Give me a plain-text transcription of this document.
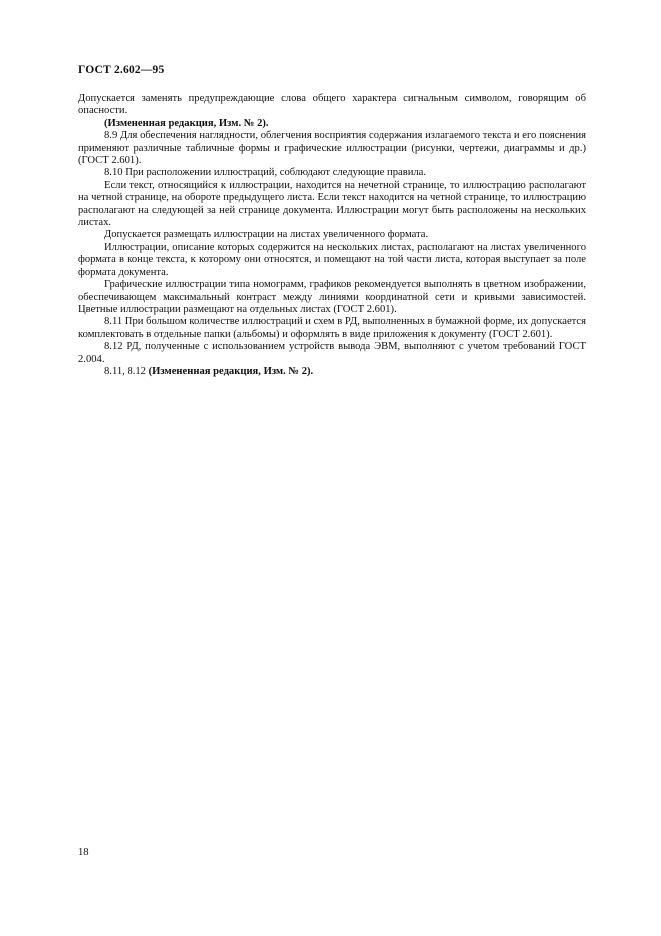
ГОСТ 2.602—95

Допускается заменять предупреждающие слова общего характера сигнальным символом, говорящим об опасности.

(Измененная редакция, Изм. № 2).

8.9 Для обеспечения наглядности, облегчения восприятия содержания излагаемого текста и его пояснения применяют различные табличные формы и графические иллюстрации (рисунки, чертежи, диаграммы и др.) (ГОСТ 2.601).

8.10 При расположении иллюстраций, соблюдают следующие правила.

Если текст, относящийся к иллюстрации, находится на нечетной странице, то иллюстрацию располагают на четной странице, на обороте предыдущего листа. Если текст находится на четной странице, то иллюстрацию располагают на следующей за ней странице документа. Иллюстрации могут быть расположены на нескольких листах.

Допускается размещать иллюстрации на листах увеличенного формата.

Иллюстрации, описание которых содержится на нескольких листах, располагают на листах увеличенного формата в конце текста, к которому они относятся, и помещают на той части листа, которая выступает за поле формата документа.

Графические иллюстрации типа номограмм, графиков рекомендуется выполнять в цветном изображении, обеспечивающем максимальный контраст между линиями координатной сети и кривыми зависимостей. Цветные иллюстрации размещают на отдельных листах (ГОСТ 2.601).

8.11 При большом количестве иллюстраций и схем в РД, выполненных в бумажной форме, их допускается комплектовать в отдельные папки (альбомы) и оформлять в виде приложения к документу (ГОСТ 2.601).

8.12 РД, полученные с использованием устройств вывода ЭВМ, выполняют с учетом требований ГОСТ 2.004.

8.11, 8.12 (Измененная редакция, Изм. № 2).

18
